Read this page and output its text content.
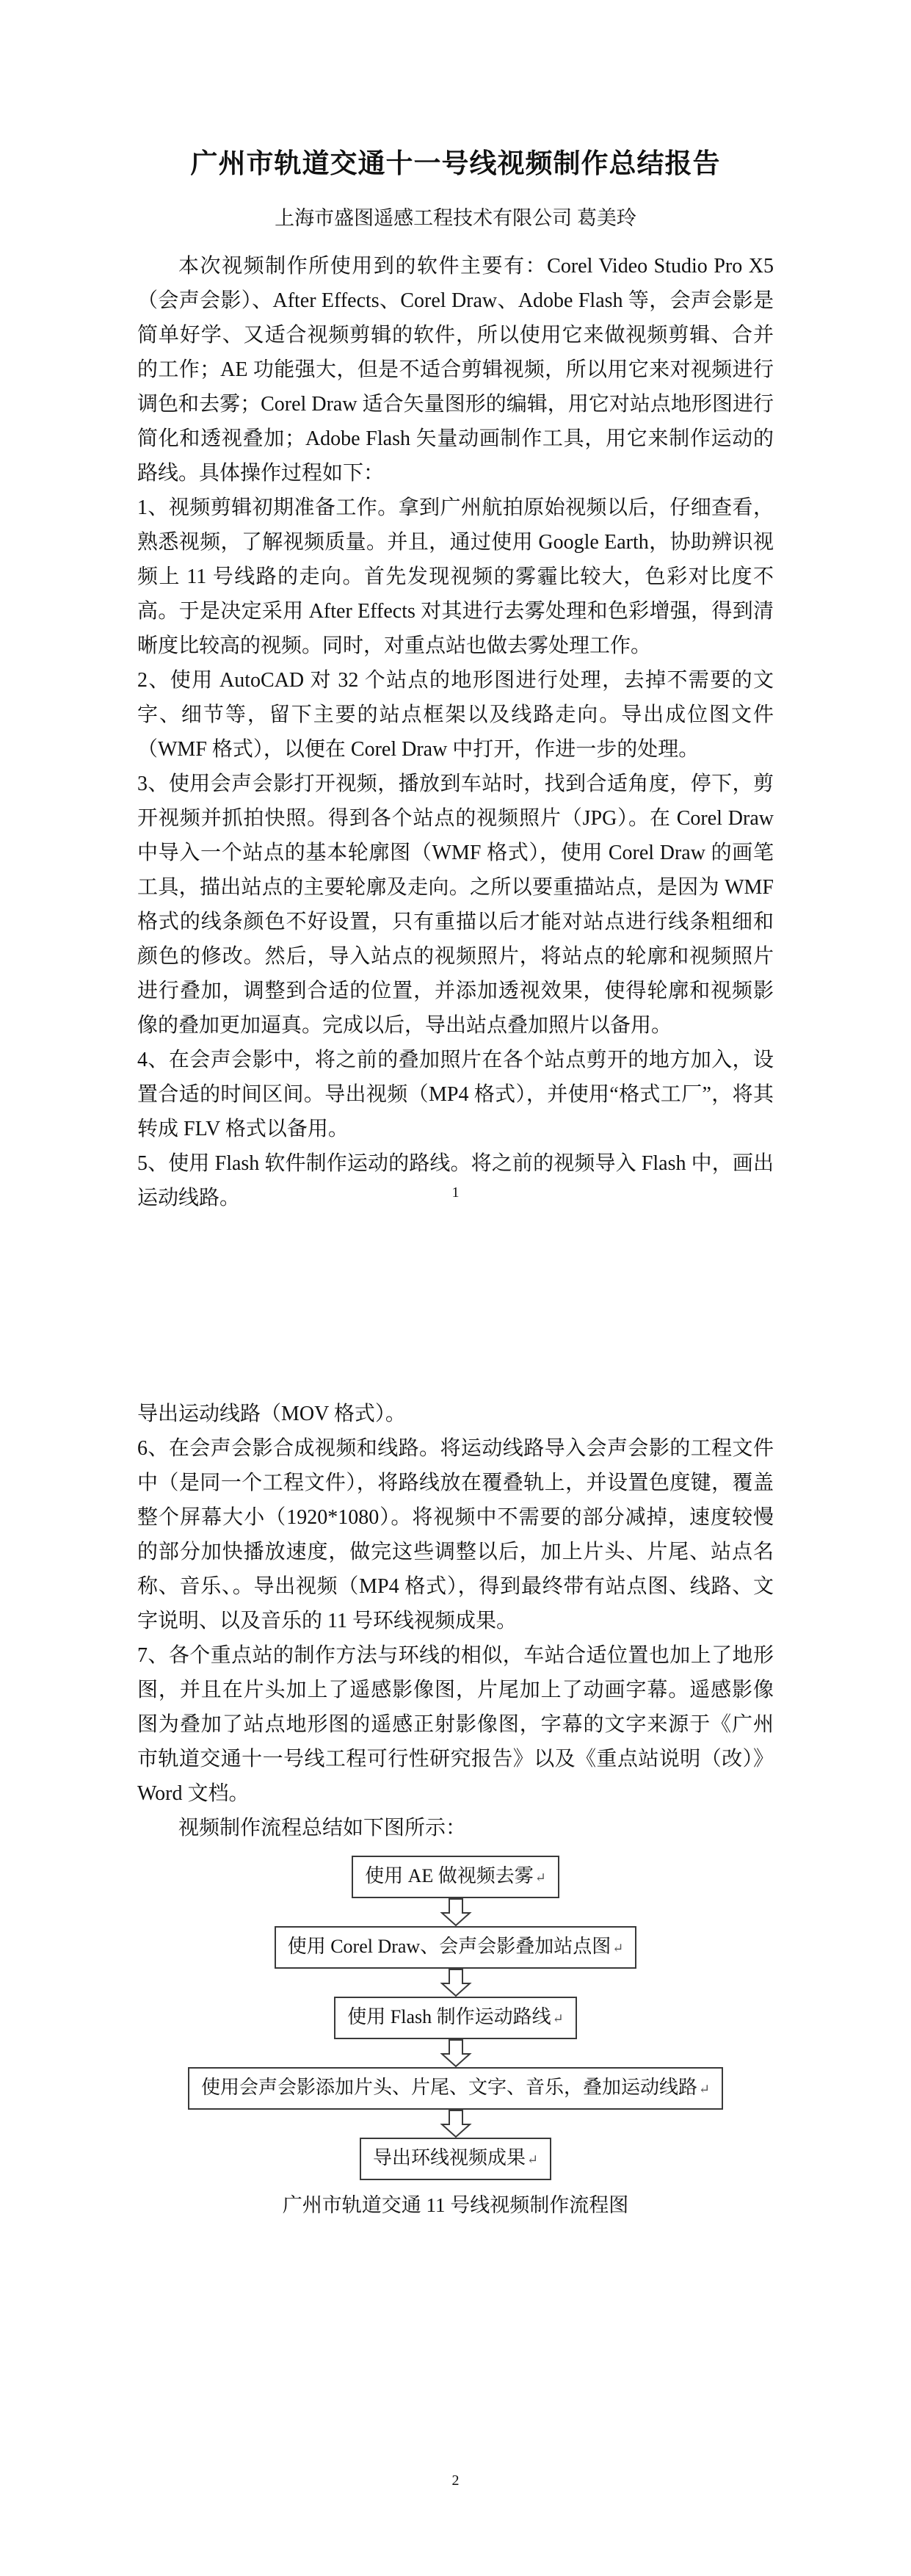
广州市轨道交通十一号线视频制作总结报告
上海市盛图遥感工程技术有限公司 葛美玲

本次视频制作所使用到的软件主要有：Corel Video Studio Pro X5（会声会影）、After Effects、Corel Draw、Adobe Flash 等，会声会影是简单好学、又适合视频剪辑的软件，所以使用它来做视频剪辑、合并的工作；AE 功能强大，但是不适合剪辑视频，所以用它来对视频进行调色和去雾；Corel Draw 适合矢量图形的编辑，用它对站点地形图进行简化和透视叠加；Adobe Flash 矢量动画制作工具，用它来制作运动的路线。具体操作过程如下：

1、视频剪辑初期准备工作。拿到广州航拍原始视频以后，仔细查看，熟悉视频，了解视频质量。并且，通过使用 Google Earth，协助辨识视频上 11 号线路的走向。首先发现视频的雾霾比较大，色彩对比度不高。于是决定采用 After Effects 对其进行去雾处理和色彩增强，得到清晰度比较高的视频。同时，对重点站也做去雾处理工作。

2、使用 AutoCAD 对 32 个站点的地形图进行处理，去掉不需要的文字、细节等，留下主要的站点框架以及线路走向。导出成位图文件（WMF 格式），以便在 Corel Draw 中打开，作进一步的处理。

3、使用会声会影打开视频，播放到车站时，找到合适角度，停下，剪开视频并抓拍快照。得到各个站点的视频照片（JPG）。在 Corel Draw 中导入一个站点的基本轮廓图（WMF 格式），使用 Corel Draw 的画笔工具，描出站点的主要轮廓及走向。之所以要重描站点，是因为 WMF 格式的线条颜色不好设置，只有重描以后才能对站点进行线条粗细和颜色的修改。然后，导入站点的视频照片，将站点的轮廓和视频照片进行叠加，调整到合适的位置，并添加透视效果，使得轮廓和视频影像的叠加更加逼真。完成以后，导出站点叠加照片以备用。

4、在会声会影中，将之前的叠加照片在各个站点剪开的地方加入，设置合适的时间区间。导出视频（MP4 格式），并使用“格式工厂”，将其转成 FLV 格式以备用。

5、使用 Flash 软件制作运动的路线。将之前的视频导入 Flash 中，画出运动线路。	1

导出运动线路（MOV 格式）。

6、在会声会影合成视频和线路。将运动线路导入会声会影的工程文件中（是同一个工程文件），将路线放在覆叠轨上，并设置色度键，覆盖整个屏幕大小（1920*1080）。将视频中不需要的部分减掉，速度较慢的部分加快播放速度，做完这些调整以后，加上片头、片尾、站点名称、音乐、。导出视频（MP4 格式），得到最终带有站点图、线路、文字说明、以及音乐的 11 号环线视频成果。

7、各个重点站的制作方法与环线的相似，车站合适位置也加上了地形图，并且在片头加上了遥感影像图，片尾加上了动画字幕。遥感影像图为叠加了站点地形图的遥感正射影像图，字幕的文字来源于《广州市轨道交通十一号线工程可行性研究报告》以及《重点站说明（改）》Word 文档。

视频制作流程总结如下图所示：

使用 AE 做视频去雾 ↵
使用 Corel Draw、会声会影叠加站点图 ↵
使用 Flash 制作运动路线 ↵
使用会声会影添加片头、片尾、文字、音乐，叠加运动线路 ↵
导出环线视频成果 ↵
广州市轨道交通 11 号线视频制作流程图
2
